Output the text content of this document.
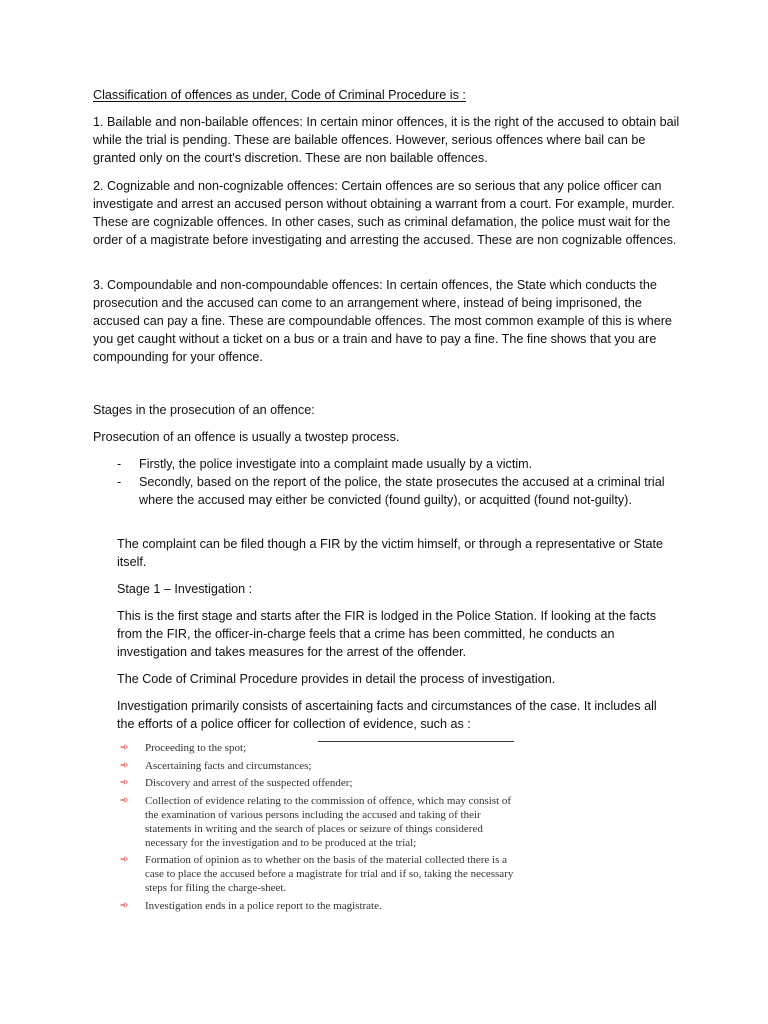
Classification of offences as under, Code of Criminal Procedure is :

1. Bailable and non-bailable offences: In certain minor offences, it is the right of the accused to obtain bail while the trial is pending. These are bailable offences. However, serious offences where bail can be granted only on the court's discretion. These are non bailable offences.

2. Cognizable and non-cognizable offences: Certain offences are so serious that any police officer can investigate and arrest an accused person without obtaining a warrant from a court. For example, murder. These are cognizable offences. In other cases, such as criminal defamation, the police must wait for the order of a magistrate before investigating and arresting the accused. These are non cognizable offences.

3. Compoundable and non-compoundable offences: In certain offences, the State which conducts the prosecution and the accused can come to an arrangement where, instead of being imprisoned, the accused can pay a fine. These are compoundable offences. The most common example of this is where you get caught without a ticket on a bus or a train and have to pay a fine. The fine shows that you are compounding for your offence.

Stages in the prosecution of an offence:
Prosecution of an offence is usually a twostep process.
- Firstly, the police investigate into a complaint made usually by a victim.
- Secondly, based on the report of the police, the state prosecutes the accused at a criminal trial where the accused may either be convicted (found guilty), or acquitted (found not-guilty).

The complaint can be filed though a FIR by the victim himself, or through a representative or State itself.

Stage 1 – Investigation :

This is the first stage and starts after the FIR is lodged in the Police Station. If looking at the facts from the FIR, the officer-in-charge feels that a crime has been committed, he conducts an investigation and takes measures for the arrest of the offender.

The Code of Criminal Procedure provides in detail the process of investigation.

Investigation primarily consists of ascertaining facts and circumstances of the case. It includes all the efforts of a police officer for collection of evidence, such as :

➾ Proceeding to the spot;
➾ Ascertaining facts and circumstances;
➾ Discovery and arrest of the suspected offender;
➾ Collection of evidence relating to the commission of offence, which may consist of the examination of various persons including the accused and taking of their statements in writing and the search of places or seizure of things considered necessary for the investigation and to be produced at the trial;
➾ Formation of opinion as to whether on the basis of the material collected there is a case to place the accused before a magistrate for trial and if so, taking the necessary steps for filing the charge-sheet.
➾ Investigation ends in a police report to the magistrate.
